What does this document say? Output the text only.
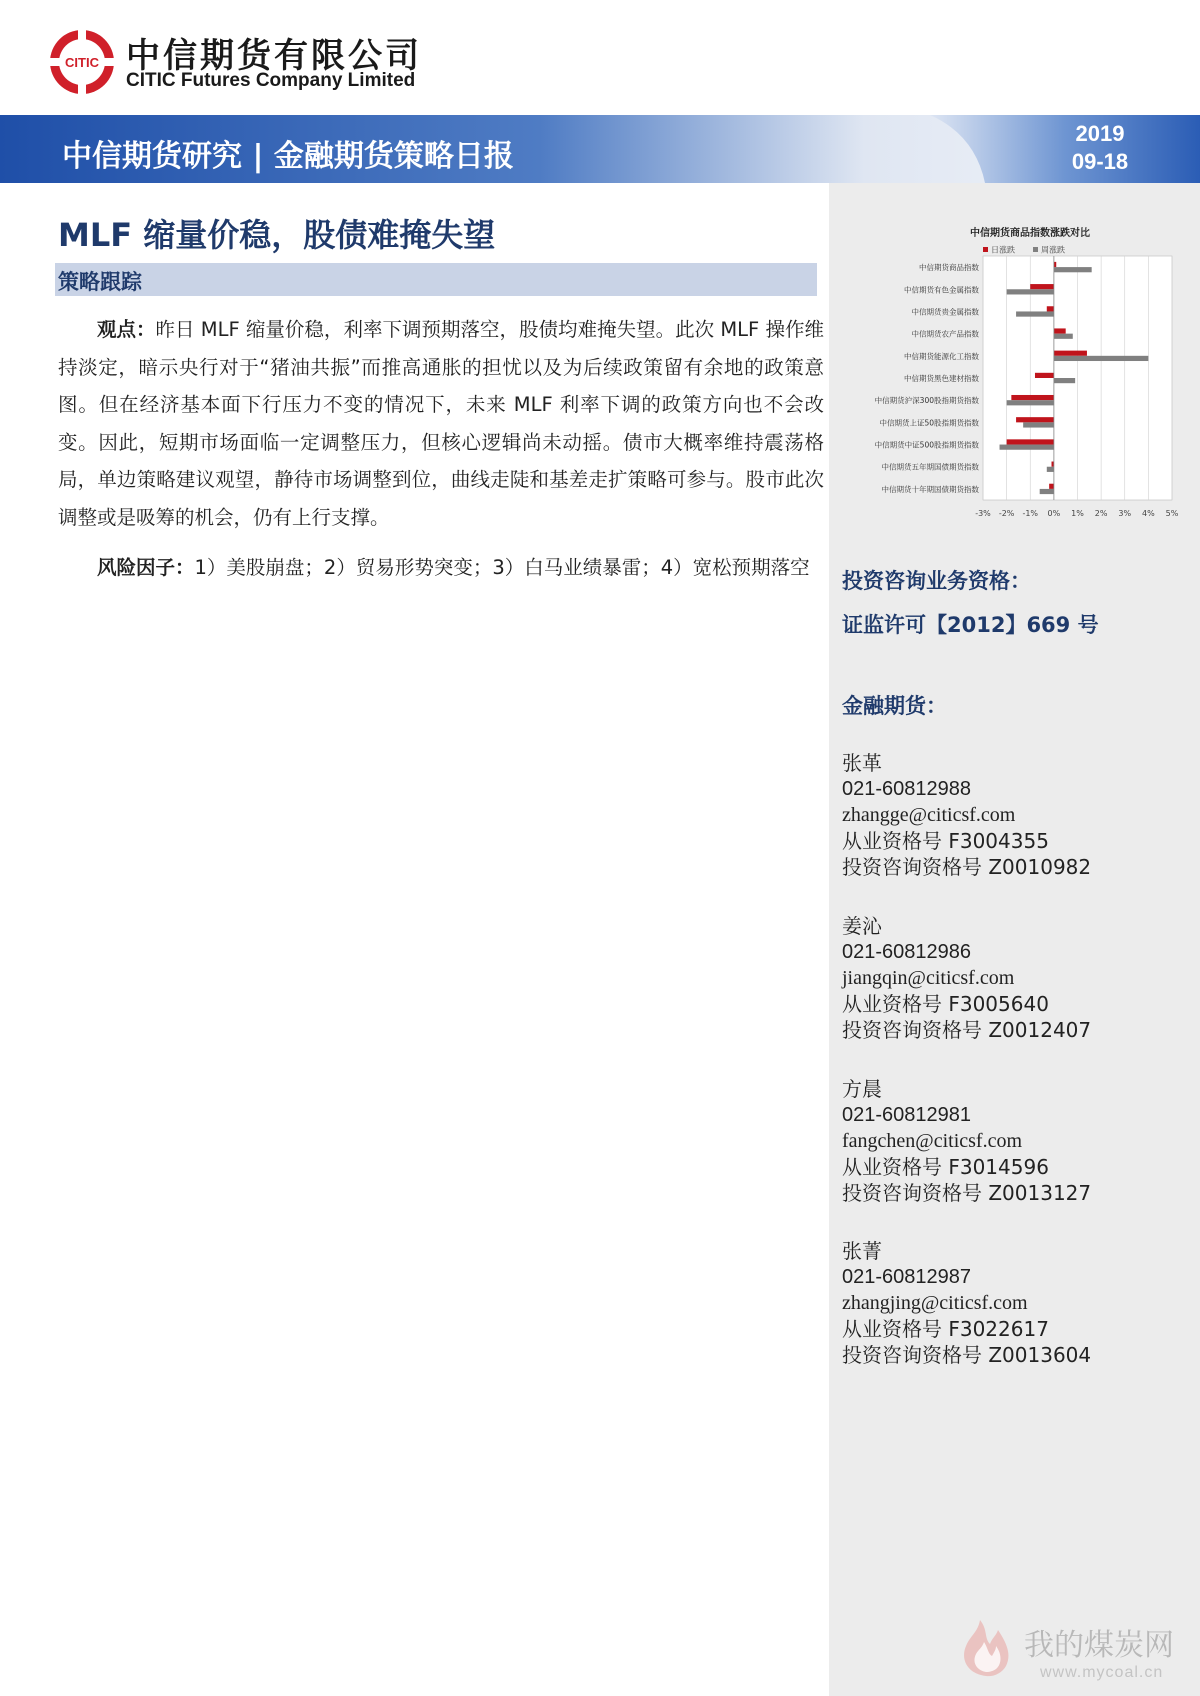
CITIC 中信期货有限公司
CITIC Futures Company Limited
中信期货研究 | 金融期货策略日报
2019
09-18
MLF 缩量价稳，股债难掩失望
策略跟踪
  观点：昨日 MLF 缩量价稳，利率下调预期落空，股债均难掩失望。此次 MLF 操作维持淡定，暗示央行对于“猪油共振”而推高通胀的担忧以及为后续政策留有余地的政策意图。但在经济基本面下行压力不变的情况下，未来 MLF 利率下调的政策方向也不会改变。因此，短期市场面临一定调整压力，但核心逻辑尚未动摇。债市大概率维持震荡格局，单边策略建议观望，静待市场调整到位，曲线走陡和基差走扩策略可参与。股市此次调整或是吸筹的机会，仍有上行支撑。
  风险因子：1）美股崩盘；2）贸易形势突变；3）白马业绩暴雷；4）宽松预期落空
中信期货商品指数涨跌对比
-3% -2% -1% 0% 1% 2% 3% 4% 5%
日涨跌	周涨跌
中信期货商品指数
中信期货有色金属指数
中信期货贵金属指数
中信期货农产品指数
中信期货能源化工指数
中信期货黑色建材指数
中信期货沪深300股指期货指数
中信期货上证50股指期货指数
中信期货中证500股指期货指数
中信期货五年期国债期货指数
中信期货十年期国债期货指数
投资咨询业务资格：
证监许可【2012】669 号
金融期货：
张革
021-60812988
zhangge@citicsf.com
从业资格号 F3004355
投资咨询资格号 Z0010982
姜沁
021-60812986
jiangqin@citicsf.com
从业资格号 F3005640
投资咨询资格号 Z0012407
方晨
021-60812981
fangchen@citicsf.com
从业资格号 F3014596
投资咨询资格号 Z0013127
张菁
021-60812987
zhangjing@citicsf.com
从业资格号 F3022617
投资咨询资格号 Z0013604
我的煤炭网
www.mycoal.cn
